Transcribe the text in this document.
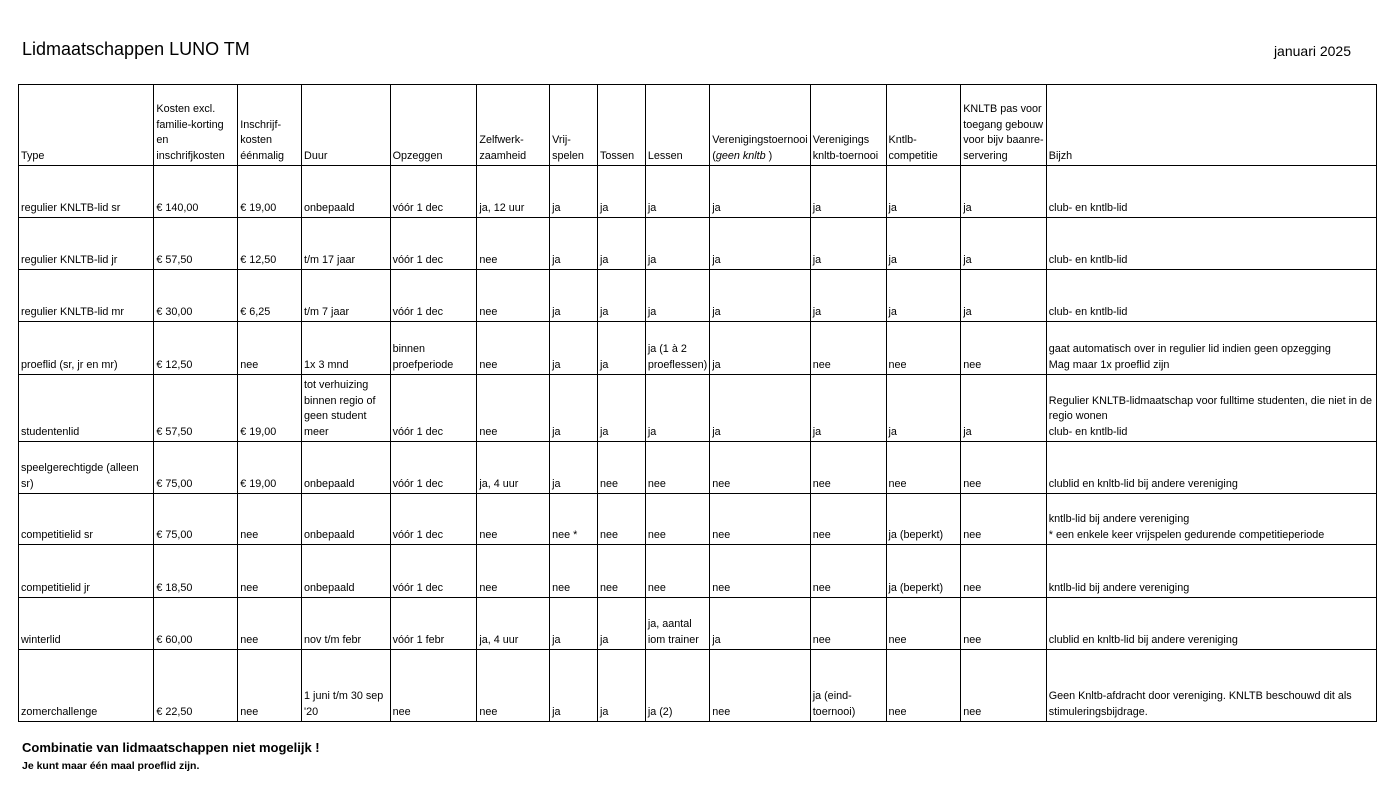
Lidmaatschappen LUNO TM	januari 2025
Type	Kosten excl. familie-korting en inschrifjkosten	Inschrijf-kosten éénmalig	Duur	Opzeggen	Zelfwerk-zaamheid	Vrij-spelen	Tossen	Lessen	Verenigingstoernooi (geen knltb )	Verenigings knltb-toernooi	Kntlb-competitie	KNLTB pas voor toegang gebouw voor bijv baanre-servering	Bijzh
regulier KNLTB-lid sr	€ 140,00	€ 19,00	onbepaald	vóór 1 dec	ja, 12 uur	ja	ja	ja	ja	ja	ja	ja	club- en kntlb-lid
regulier KNLTB-lid jr	€ 57,50	€ 12,50	t/m 17 jaar	vóór 1 dec	nee	ja	ja	ja	ja	ja	ja	ja	club- en kntlb-lid
regulier KNLTB-lid mr	€ 30,00	€ 6,25	t/m 7 jaar	vóór 1 dec	nee	ja	ja	ja	ja	ja	ja	ja	club- en kntlb-lid
proeflid (sr, jr en mr)	€ 12,50	nee	1x 3 mnd	binnen proefperiode	nee	ja	ja	ja (1 à 2 proeflessen)	ja	nee	nee	nee	gaat automatisch over in regulier lid indien geen opzegging
Mag maar 1x proeflid zijn
studentenlid	€ 57,50	€ 19,00	tot verhuizing binnen regio of geen student meer	vóór 1 dec	nee	ja	ja	ja	ja	ja	ja	ja	Regulier KNLTB-lidmaatschap voor fulltime studenten, die niet in de regio wonen
club- en kntlb-lid
speelgerechtigde (alleen sr)	€ 75,00	€ 19,00	onbepaald	vóór 1 dec	ja, 4 uur	ja	nee	nee	nee	nee	nee	nee	clublid en knltb-lid bij andere vereniging
competitielid sr	€ 75,00	nee	onbepaald	vóór 1 dec	nee	nee *	nee	nee	nee	nee	ja (beperkt)	nee	kntlb-lid bij andere vereniging
* een enkele keer vrijspelen gedurende competitieperiode
competitielid jr	€ 18,50	nee	onbepaald	vóór 1 dec	nee	nee	nee	nee	nee	nee	ja (beperkt)	nee	kntlb-lid bij andere vereniging
winterlid	€ 60,00	nee	nov t/m febr	vóór 1 febr	ja, 4 uur	ja	ja	ja, aantal iom trainer	ja	nee	nee	nee	clublid en knltb-lid bij andere vereniging
zomerchallenge	€ 22,50	nee	1 juni t/m 30 sep '20	nee	nee	ja	ja	ja (2)	nee	ja (eind-toernooi)	nee	nee	Geen Knltb-afdracht door vereniging. KNLTB beschouwd dit als stimuleringsbijdrage.
Combinatie van lidmaatschappen niet mogelijk !
Je kunt maar één maal proeflid zijn.
